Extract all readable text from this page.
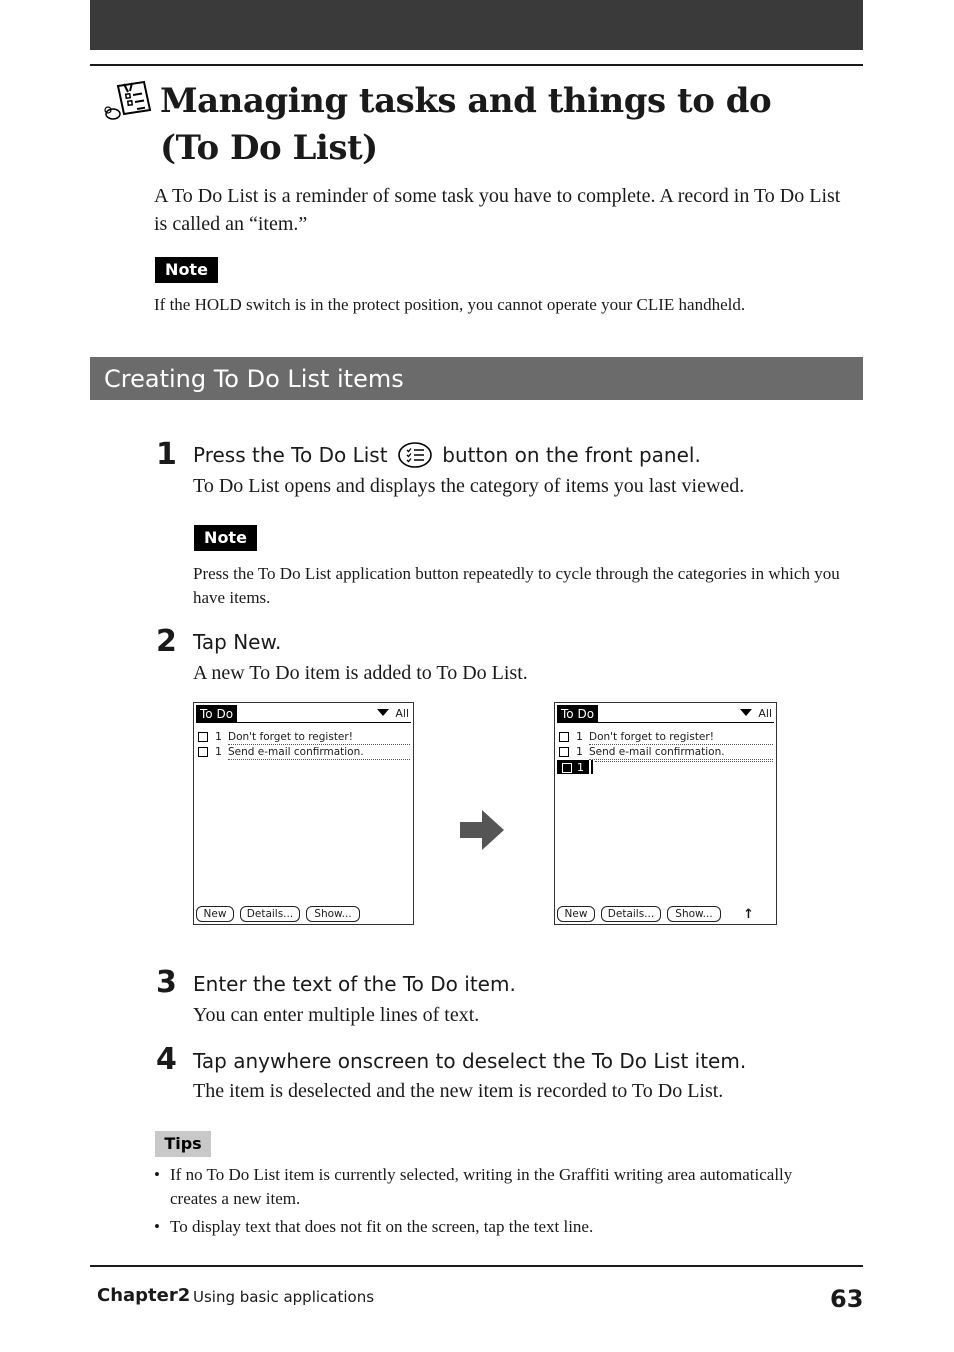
Managing tasks and things to do
(To Do List)
A To Do List is a reminder of some task you have to complete. A record in To Do List is called an “item.”
Note
If the HOLD switch is in the protect position, you cannot operate your CLIE handheld.
Creating To Do List items
1 Press the To Do List	button on the front panel.
To Do List opens and displays the category of items you last viewed.
Note
Press the To Do List application button repeatedly to cycle through the categories in which you have items.
2 Tap New.
A new To Do item is added to To Do List.
To Do	All
1 Don't forget to register!
1 Send e-mail confirmation.
New	Details...	Show...
To Do	All
1 Don't forget to register!
1 Send e-mail confirmation.
1
New	Details...	Show...	↑
3 Enter the text of the To Do item.
You can enter multiple lines of text.
4 Tap anywhere onscreen to deselect the To Do List item.
The item is deselected and the new item is recorded to To Do List.
Tips
• If no To Do List item is currently selected, writing in the Graffiti writing area automatically creates a new item.
• To display text that does not fit on the screen, tap the text line.
Chapter2 Using basic applications	63
